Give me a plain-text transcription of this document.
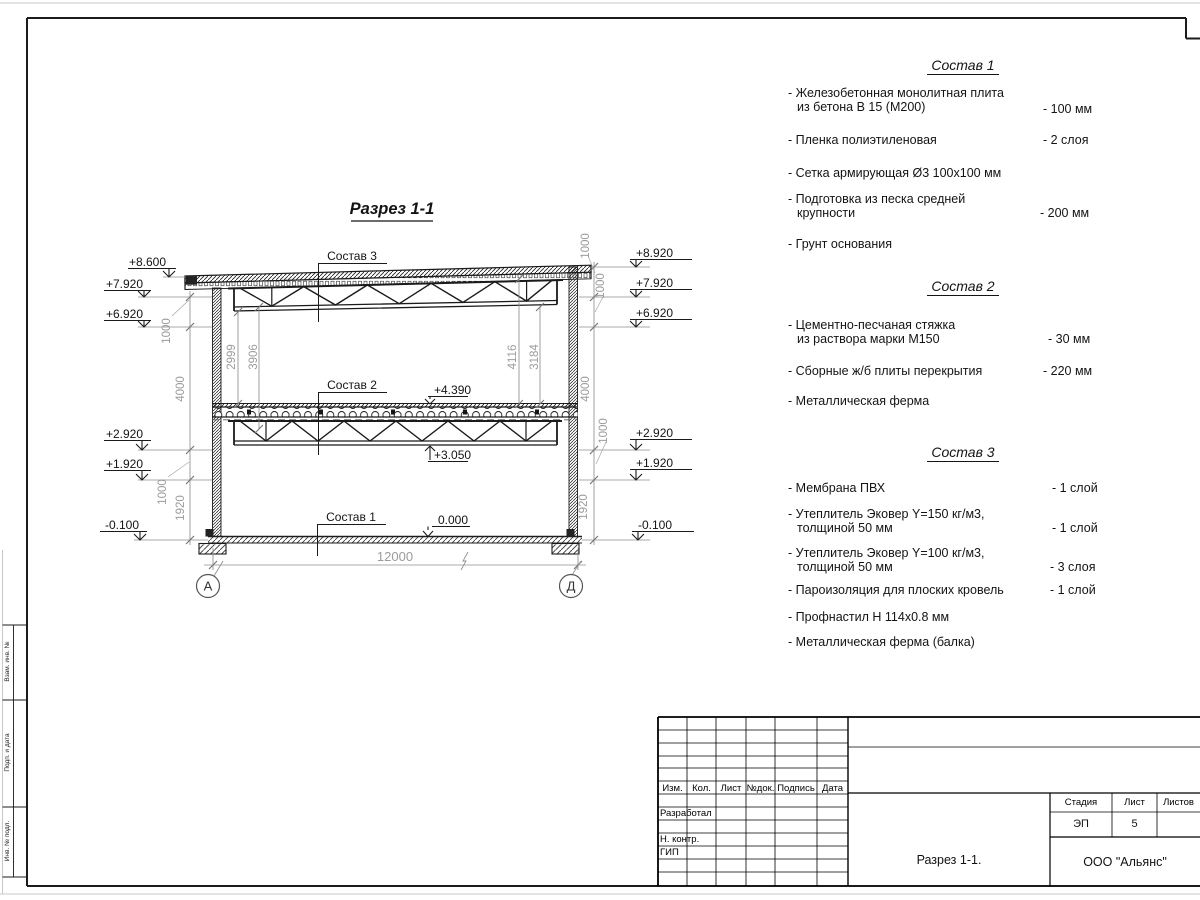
А	Д
+8.600
+7.920
+6.920
+2.920
+1.920
-0.100
+8.920
+7.920
+6.920
+2.920
+1.920
-0.100
+4.390
+3.050
0.000
Состав 3
Состав 2
Состав 1
Разрез 1-1
1000
4000
1000
1920
1000
1000
4000
1000
1920
2999 3906	4116 3184
12000
Состав 1
- Железобетонная монолитная плита
из бетона В 15 (М200)	- 100 мм
- Пленка полиэтиленовая	- 2 слоя
- Сетка армирующая Ø3 100х100 мм
- Подготовка из песка средней
крупности	- 200 мм
- Грунт основания
Состав 2
- Цементно-песчаная стяжка
из раствора марки М150	- 30 мм
- Сборные ж/б плиты перекрытия	- 220 мм
- Металлическая ферма
Состав 3
- Мембрана ПВХ	- 1 слой
- Утеплитель Эковер Y=150 кг/м3,
толщиной 50 мм	- 1 слой
- Утеплитель Эковер Y=100 кг/м3,
толщиной 50 мм	- 3 слоя
- Пароизоляция для плоских кровель	- 1 слой
- Профнастил Н 114х0.8 мм
- Металлическая ферма (балка)
Изм. Кол.	Лист №док. Подпись Дата
Разработал
Н. контр.
ГИП
Стадия	Лист	Листов
ЭП	5
Разрез 1-1.	ООО "Альянс"
Взам. инв. №
Подп. и дата
Инв. № подл.
